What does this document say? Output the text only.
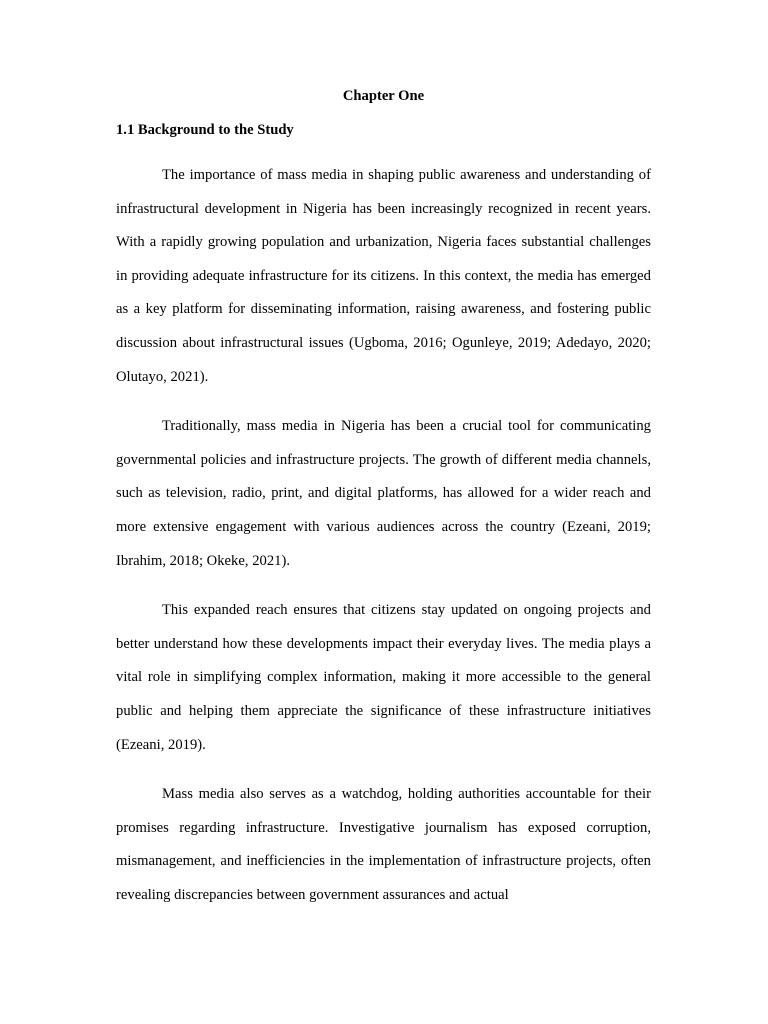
Chapter One
1.1 Background to the Study

The importance of mass media in shaping public awareness and understanding of infrastructural development in Nigeria has been increasingly recognized in recent years. With a rapidly growing population and urbanization, Nigeria faces substantial challenges in providing adequate infrastructure for its citizens. In this context, the media has emerged as a key platform for disseminating information, raising awareness, and fostering public discussion about infrastructural issues (Ugboma, 2016; Ogunleye, 2019; Adedayo, 2020; Olutayo, 2021).

Traditionally, mass media in Nigeria has been a crucial tool for communicating governmental policies and infrastructure projects. The growth of different media channels, such as television, radio, print, and digital platforms, has allowed for a wider reach and more extensive engagement with various audiences across the country (Ezeani, 2019; Ibrahim, 2018; Okeke, 2021).

This expanded reach ensures that citizens stay updated on ongoing projects and better understand how these developments impact their everyday lives. The media plays a vital role in simplifying complex information, making it more accessible to the general public and helping them appreciate the significance of these infrastructure initiatives (Ezeani, 2019).

Mass media also serves as a watchdog, holding authorities accountable for their promises regarding infrastructure. Investigative journalism has exposed corruption, mismanagement, and inefficiencies in the implementation of infrastructure projects, often revealing discrepancies between government assurances and actual
